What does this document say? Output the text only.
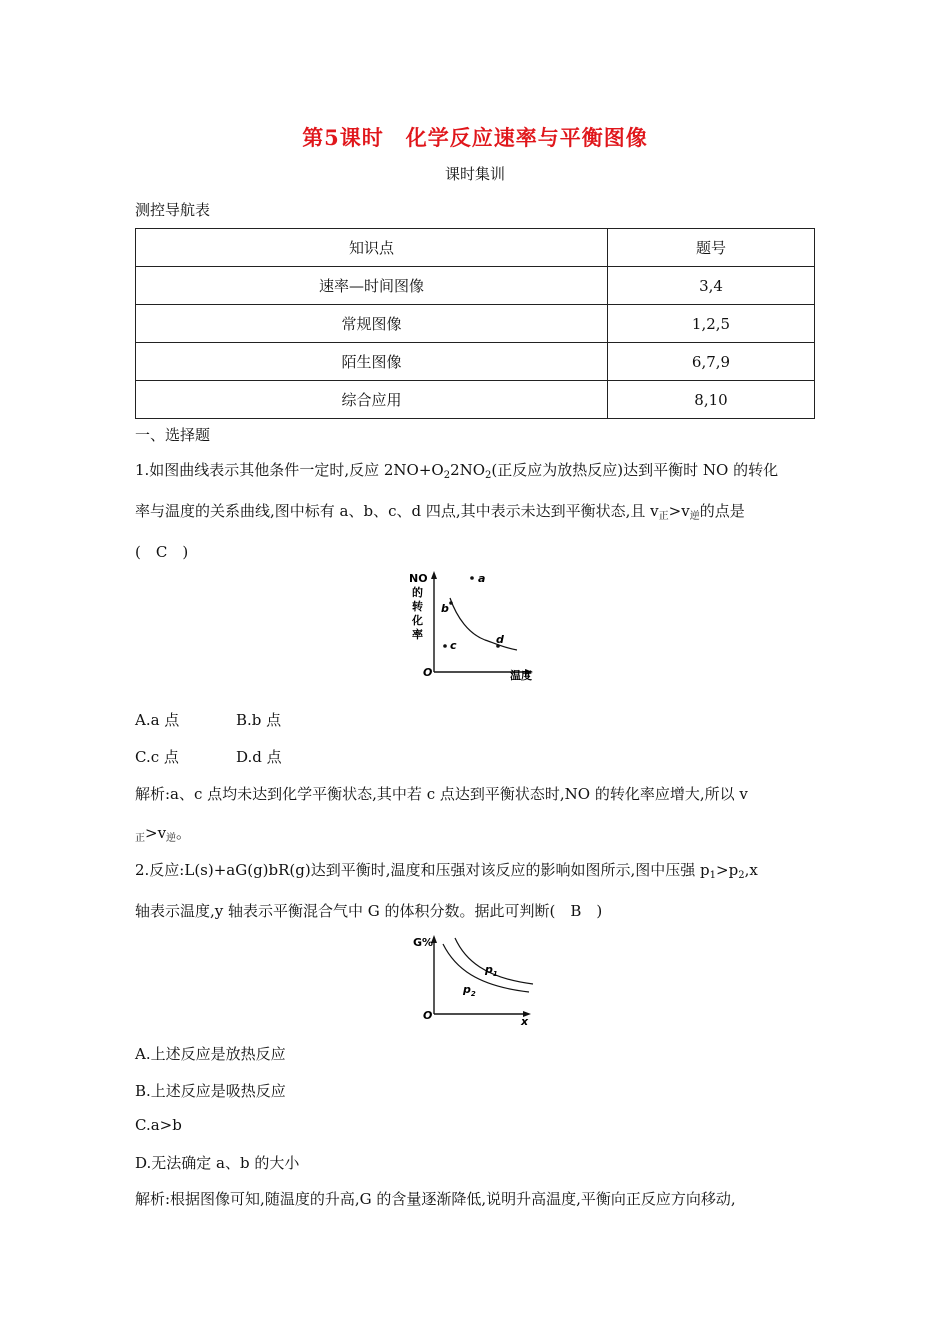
第5课时　化学反应速率与平衡图像
课时集训
测控导航表
知识点	题号
速率—时间图像	3,4
常规图像	1,2,5
陌生图像	6,7,9
综合应用	8,10
一、选择题
1.如图曲线表示其他条件一定时,反应 $2NO+O_22NO_2$(正反应为放热反应)达到平衡时 NO 的转化
率与温度的关系曲线,图中标有 a、b、c、d 四点,其中表示未达到平衡状态,且 $v_正>v_逆$的点是
(　C　)
NO
的
转
化
率
温度
O
a
b
c	d
A.a 点	B.b 点
C.c 点	D.d 点
解析:a、c 点均未达到化学平衡状态,其中若 c 点达到平衡状态时,NO 的转化率应增大,所以 v
$_正>v_逆$。
2.反应:L(s)+aG(g)bR(g)达到平衡时,温度和压强对该反应的影响如图所示,图中压强 $p_1>p_2,x$
轴表示温度,y 轴表示平衡混合气中 G 的体积分数。据此可判断(　B　)
G%
x
O
$p_1$
$p_2$
A.上述反应是放热反应
B.上述反应是吸热反应
C.a>b
D.无法确定 a、b 的大小
解析:根据图像可知,随温度的升高,G 的含量逐渐降低,说明升高温度,平衡向正反应方向移动,
